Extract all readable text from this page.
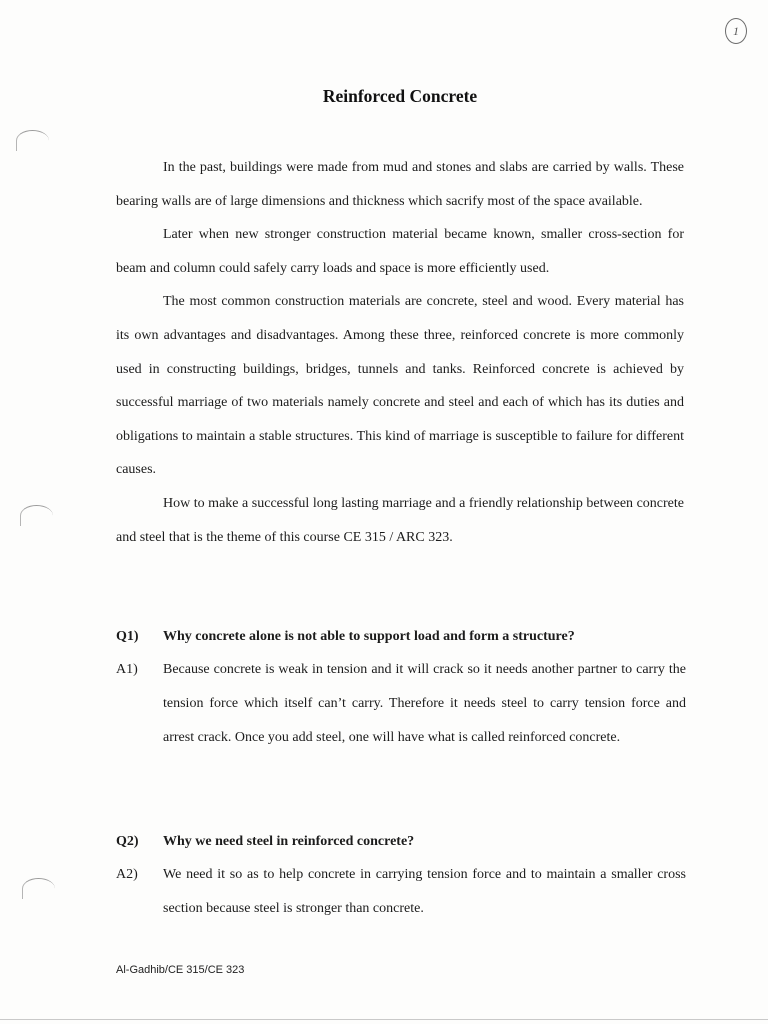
1
Reinforced Concrete

In the past, buildings were made from mud and stones and slabs are carried by walls. These bearing walls are of large dimensions and thickness which sacrify most of the space available.

Later when new stronger construction material became known, smaller cross-section for beam and column could safely carry loads and space is more efficiently used.

The most common construction materials are concrete, steel and wood. Every material has its own advantages and disadvantages. Among these three, reinforced concrete is more commonly used in constructing buildings, bridges, tunnels and tanks. Reinforced concrete is achieved by successful marriage of two materials namely concrete and steel and each of which has its duties and obligations to maintain a stable structures. This kind of marriage is susceptible to failure for different causes.

How to make a successful long lasting marriage and a friendly relationship between concrete and steel that is the theme of this course CE 315 / ARC 323.

Q1)	Why concrete alone is not able to support load and form a structure?
A1)	Because concrete is weak in tension and it will crack so it needs another partner to carry the tension force which itself can’t carry. Therefore it needs steel to carry tension force and arrest crack. Once you add steel, one will have what is called reinforced concrete.
Q2)	Why we need steel in reinforced concrete?
A2)	We need it so as to help concrete in carrying tension force and to maintain a smaller cross section because steel is stronger than concrete.
Al-Gadhib/CE 315/CE 323
